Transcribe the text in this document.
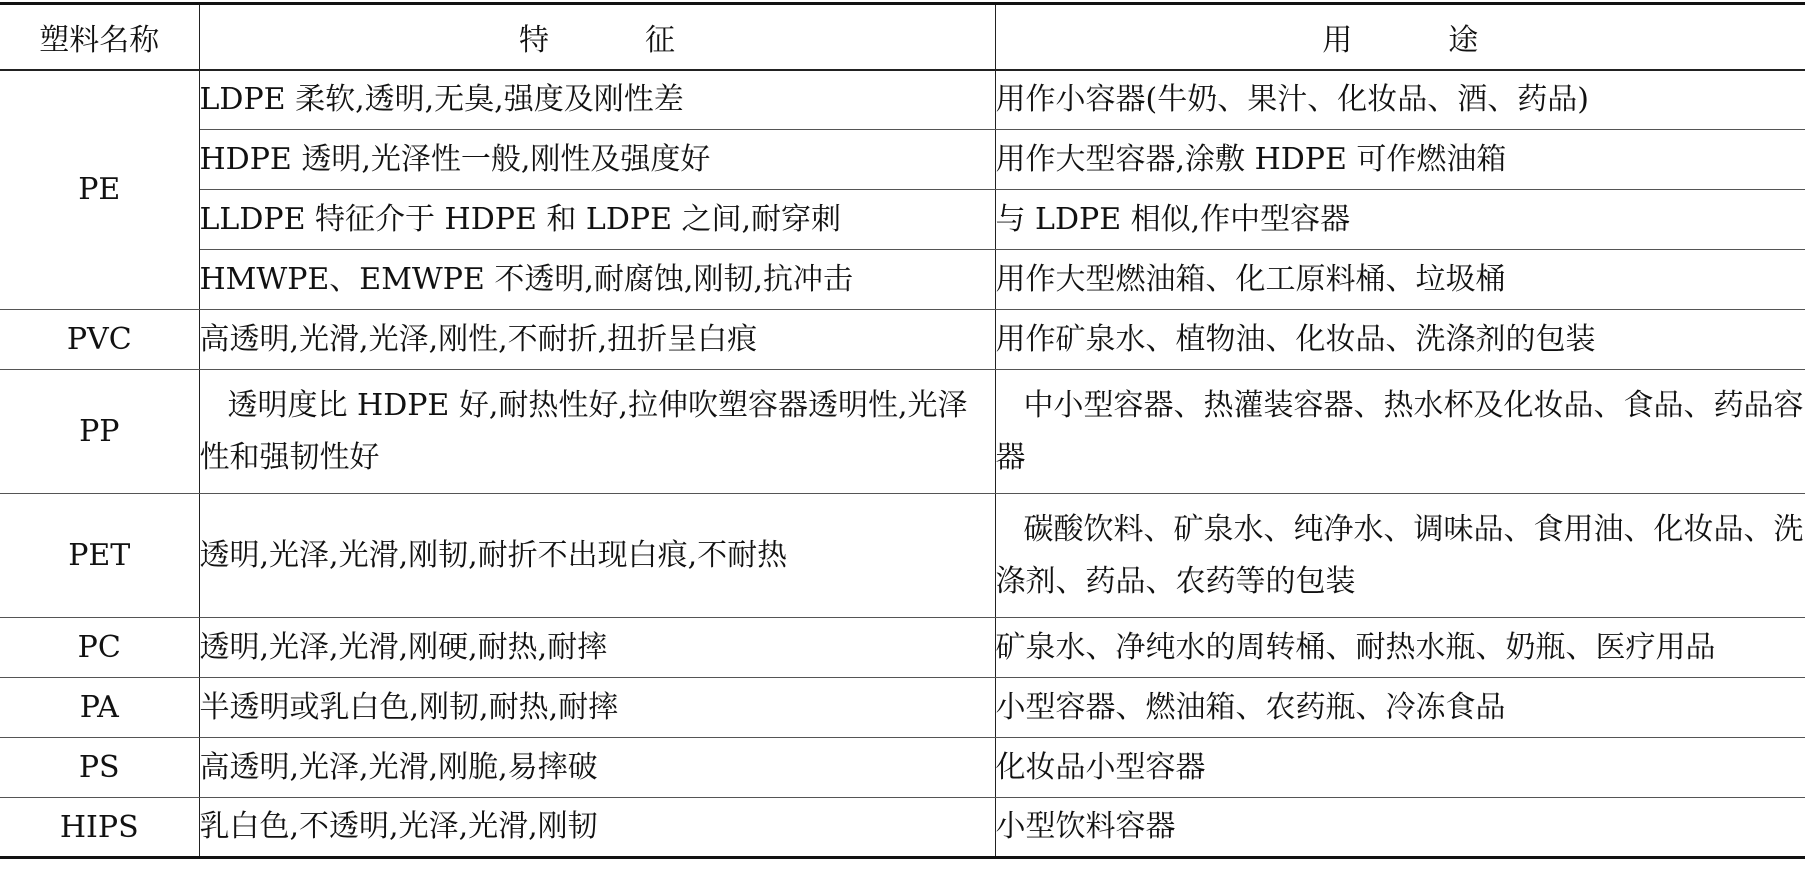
塑料名称	特征	用途
PE	LDPE 柔软,透明,无臭,强度及刚性差	用作小容器(牛奶、果汁、化妆品、酒、药品)
	HDPE 透明,光泽性一般,刚性及强度好	用作大型容器,涂敷 HDPE 可作燃油箱
	LLDPE 特征介于 HDPE 和 LDPE 之间,耐穿刺	与 LDPE 相似,作中型容器
	HMWPE、EMWPE 不透明,耐腐蚀,刚韧,抗冲击	用作大型燃油箱、化工原料桶、垃圾桶
PVC	高透明,光滑,光泽,刚性,不耐折,扭折呈白痕	用作矿泉水、植物油、化妆品、洗涤剂的包装
PP	透明度比 HDPE 好,耐热性好,拉伸吹塑容器透明性,光泽性和强韧性好	中小型容器、热灌装容器、热水杯及化妆品、食品、药品容器
PET	透明,光泽,光滑,刚韧,耐折不出现白痕,不耐热	碳酸饮料、矿泉水、纯净水、调味品、食用油、化妆品、洗涤剂、药品、农药等的包装
PC	透明,光泽,光滑,刚硬,耐热,耐摔	矿泉水、净纯水的周转桶、耐热水瓶、奶瓶、医疗用品
PA	半透明或乳白色,刚韧,耐热,耐摔	小型容器、燃油箱、农药瓶、冷冻食品
PS	高透明,光泽,光滑,刚脆,易摔破	化妆品小型容器
HIPS	乳白色,不透明,光泽,光滑,刚韧	小型饮料容器
